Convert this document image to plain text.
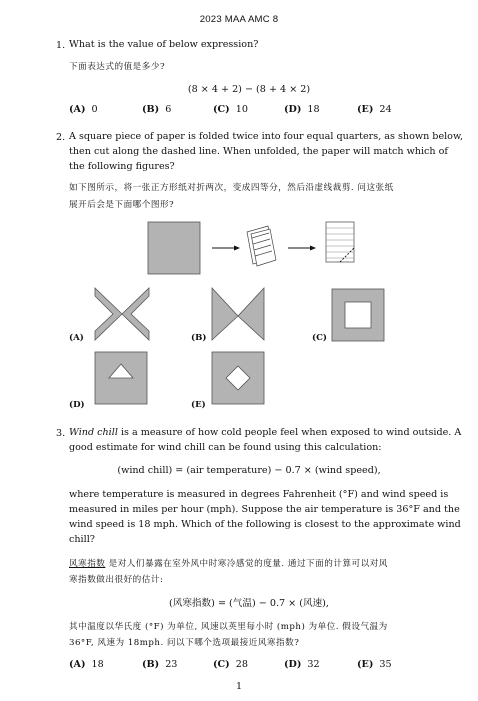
2023 MAA AMC 8
1. What is the value of below expression?
下面表达式的值是多少?
(8 × 4 + 2) − (8 + 4 × 2)
(A) 0	(B) 6	(C) 10	(D) 18	(E) 24
2. A square piece of paper is folded twice into four equal quarters, as shown below,
then cut along the dashed line. When unfolded, the paper will match which of
the following figures?
如下图所示，将一张正方形纸对折两次，变成四等分，然后沿虚线裁剪. 问这张纸
展开后会是下面哪个图形?
(A)	(B)	(C)
(D)	(E)
3. Wind chill is a measure of how cold people feel when exposed to wind outside. A
good estimate for wind chill can be found using this calculation:
(wind chill) = (air temperature) − 0.7 × (wind speed),
where temperature is measured in degrees Fahrenheit (°F) and wind speed is
measured in miles per hour (mph). Suppose the air temperature is 36°F and the
wind speed is 18 mph. Which of the following is closest to the approximate wind
chill?
风寒指数 是对人们暴露在室外风中时寒冷感觉的度量. 通过下面的计算可以对风
寒指数做出很好的估计:
(风寒指数) = (气温) − 0.7 × (风速),
其中温度以华氏度 (°F) 为单位, 风速以英里每小时 (mph) 为单位. 假设气温为
36°F, 风速为 18mph. 问以下哪个选项最接近风寒指数?
(A) 18	(B) 23	(C) 28	(D) 32	(E) 35
1
